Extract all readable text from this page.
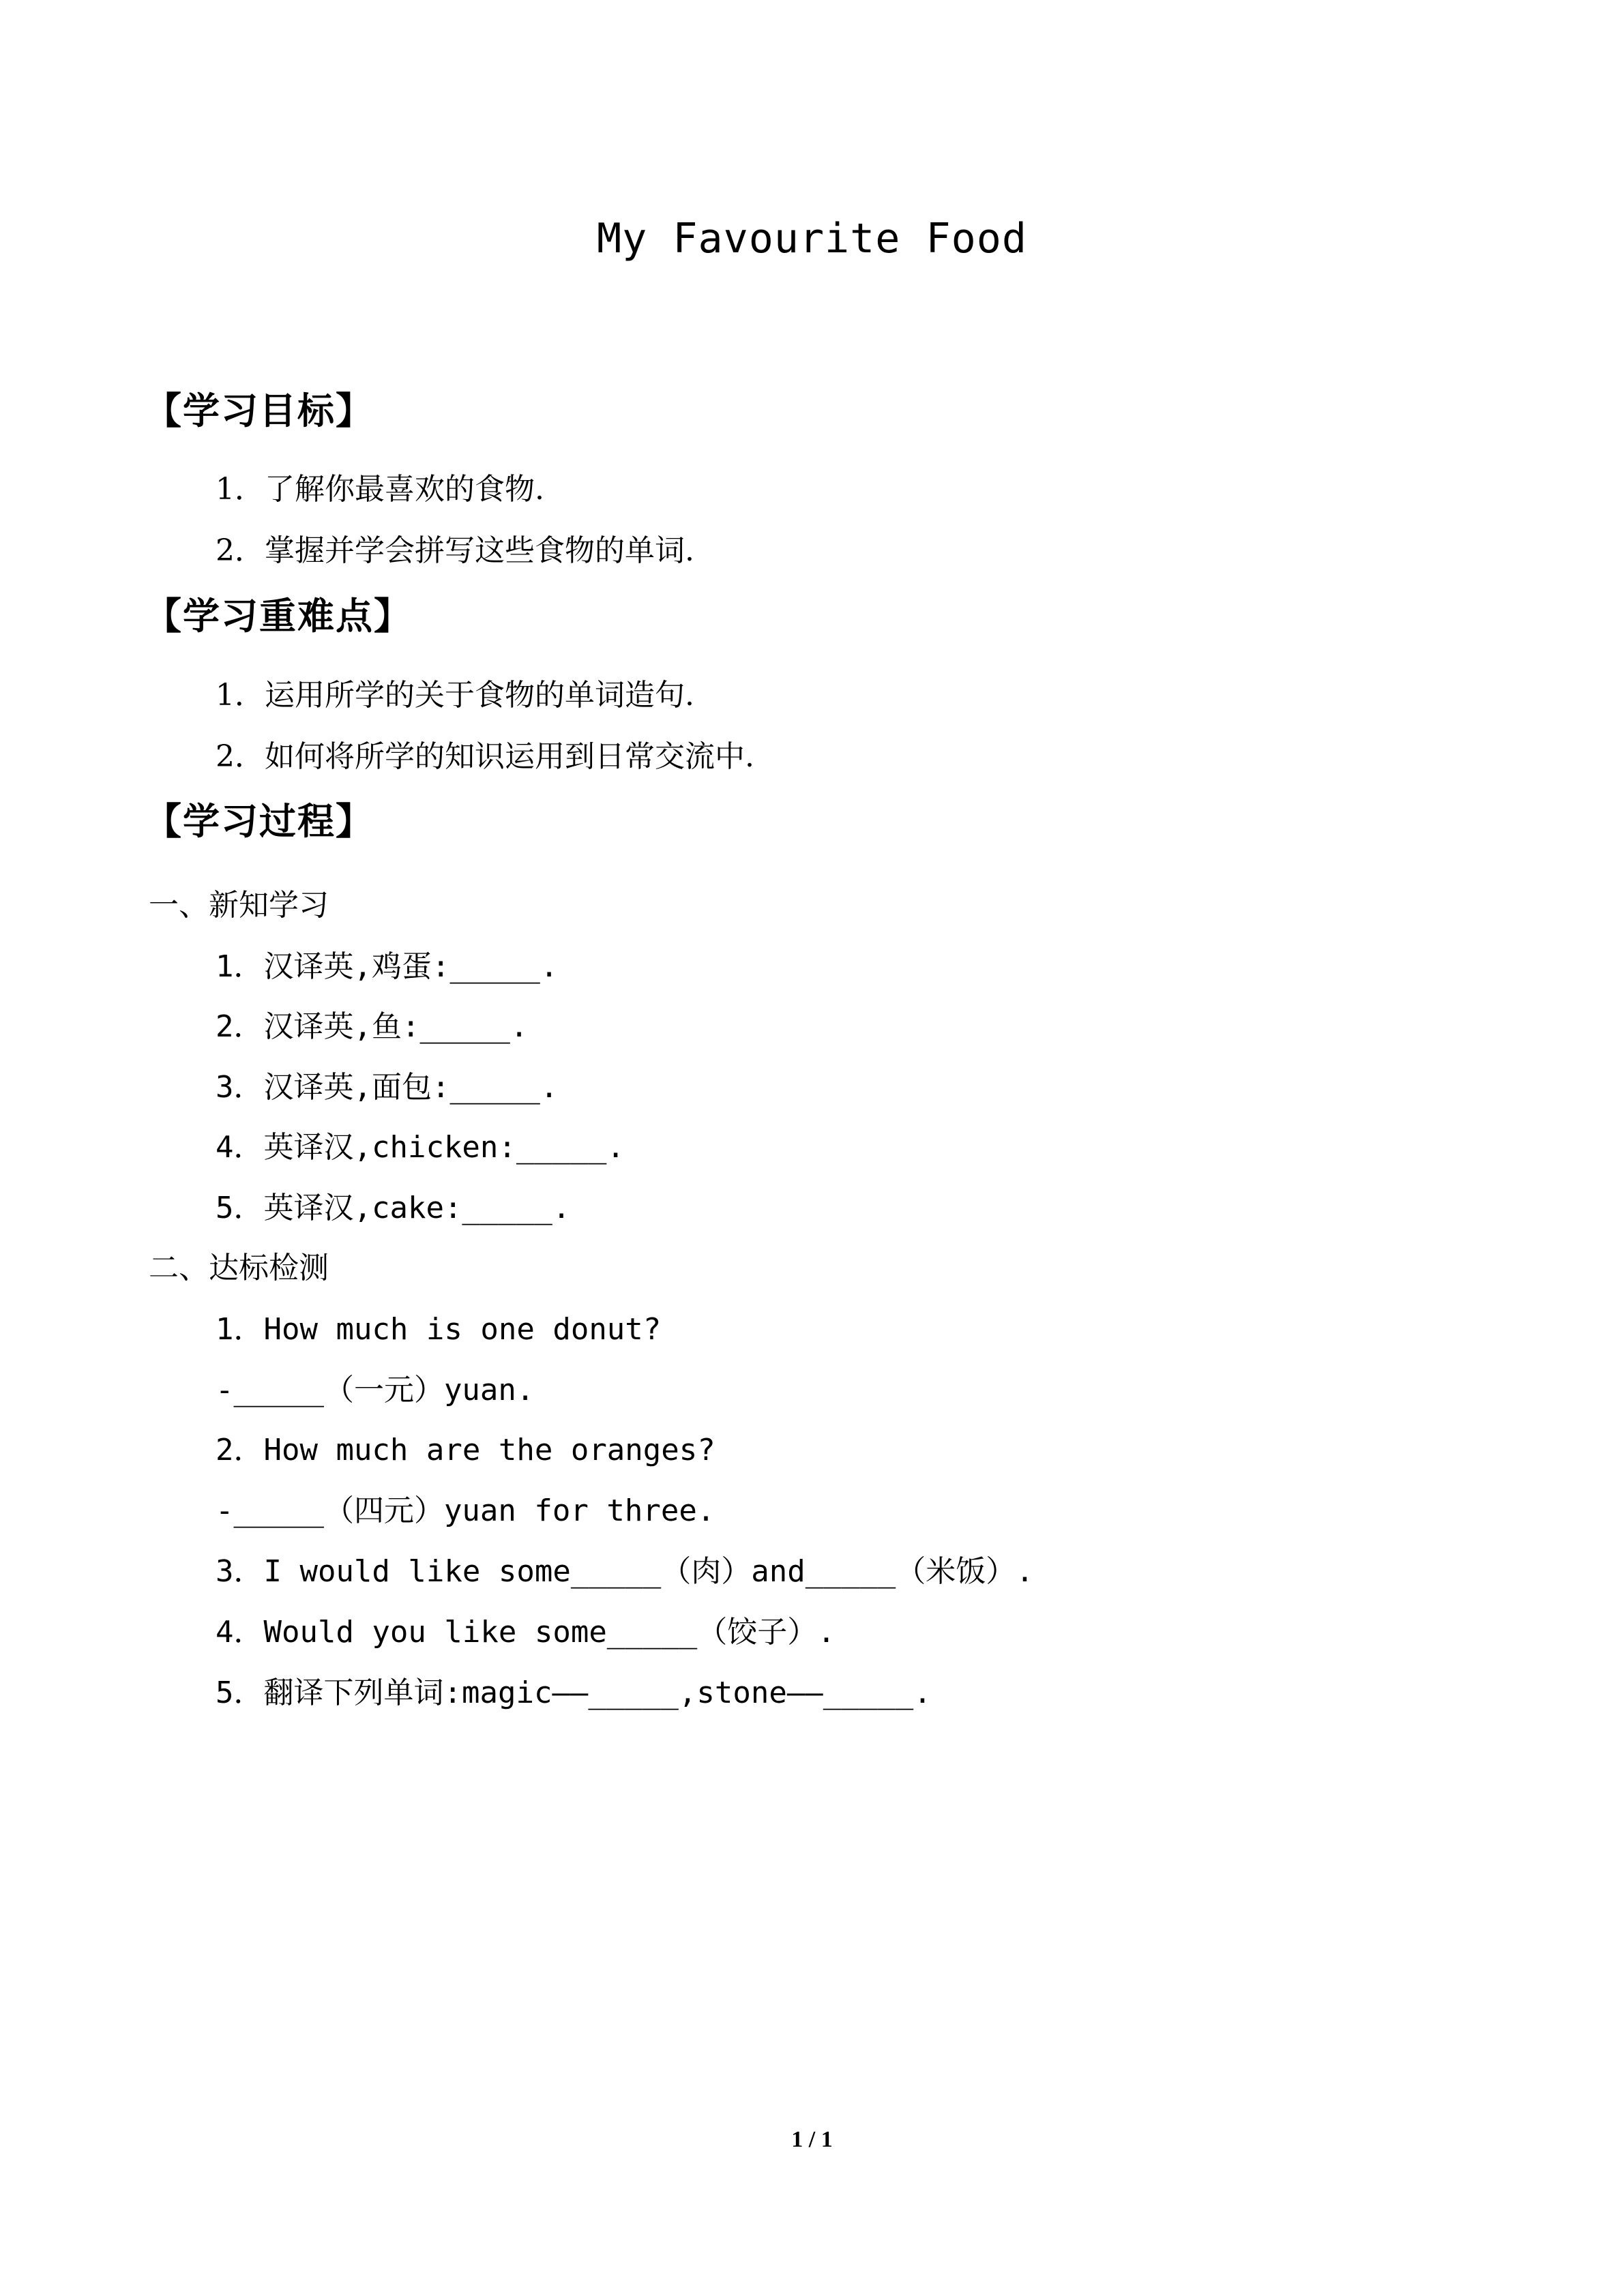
My Favourite Food
【学习目标】
1．了解你最喜欢的食物.
2．掌握并学会拼写这些食物的单词.
【学习重难点】
1．运用所学的关于食物的单词造句.
2．如何将所学的知识运用到日常交流中.
【学习过程】
一、新知学习
1．汉译英,鸡蛋:_____.
2．汉译英,鱼:_____.
3．汉译英,面包:_____.
4．英译汉,chicken:_____.
5．英译汉,cake:_____.
二、达标检测
1．How much is one donut?
-_____（一元）yuan.
2．How much are the oranges?
-_____（四元）yuan for three.
3．I would like some_____（肉）and_____（米饭）.
4．Would you like some_____（饺子）.
5．翻译下列单词:magic——_____,stone——_____.
1 / 1
